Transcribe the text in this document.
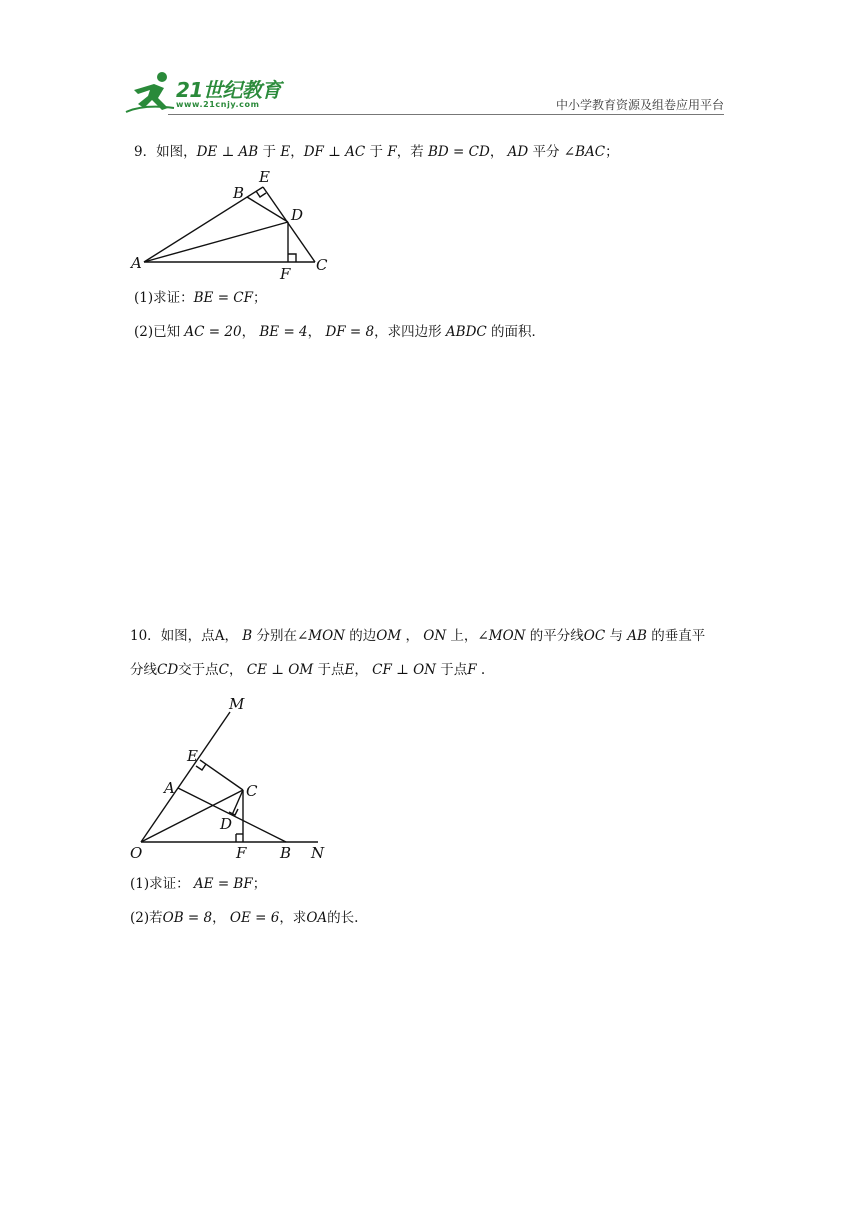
21世纪教育
www.21cnjy.com	中小学教育资源及组卷应用平台
9．如图，DE ⊥ AB 于 E，DF ⊥ AC 于 F，若 BD = CD， AD 平分 ∠BAC；
A
B
E
D
F C
(1)求证：BE = CF；
(2)已知 AC = 20， BE = 4， DF = 8，求四边形 ABDC 的面积．
10．如图，点A， B 分别在∠MON 的边OM ， ON 上，∠MON 的平分线OC 与 AB 的垂直平
分线CD交于点C， CE ⊥ OM 于点E， CF ⊥ ON 于点F .
M
E
A	C
D
O	F B N
(1)求证： AE = BF；
(2)若OB = 8， OE = 6，求OA的长.
